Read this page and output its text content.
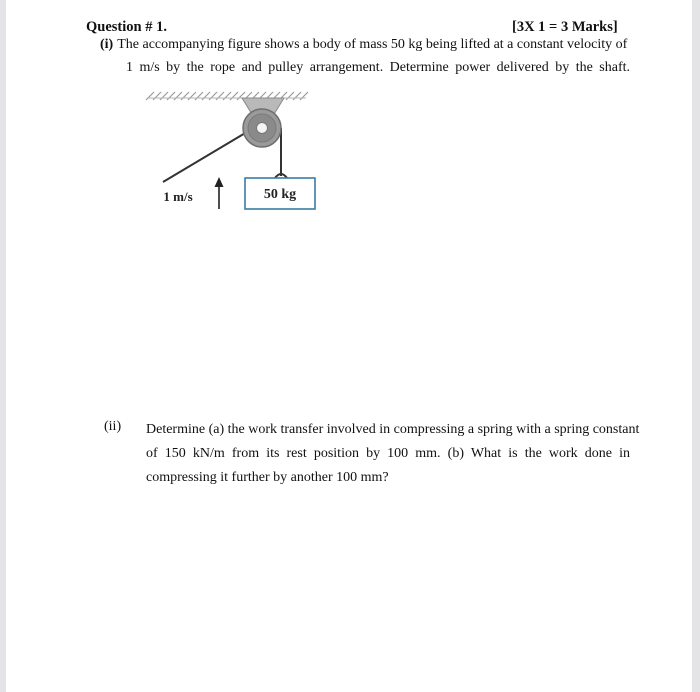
Question # 1.	[3X 1 = 3 Marks]
(i) The accompanying figure shows a body of mass 50 kg being lifted at a constant velocity of
1 m/s by the rope and pulley arrangement. Determine power delivered by the shaft.
50 kg
1 m/s
(ii) Determine (a) the work transfer involved in compressing a spring with a spring constant
of 150 kN/m from its rest position by 100 mm. (b) What is the work done in
compressing it further by another 100 mm?
